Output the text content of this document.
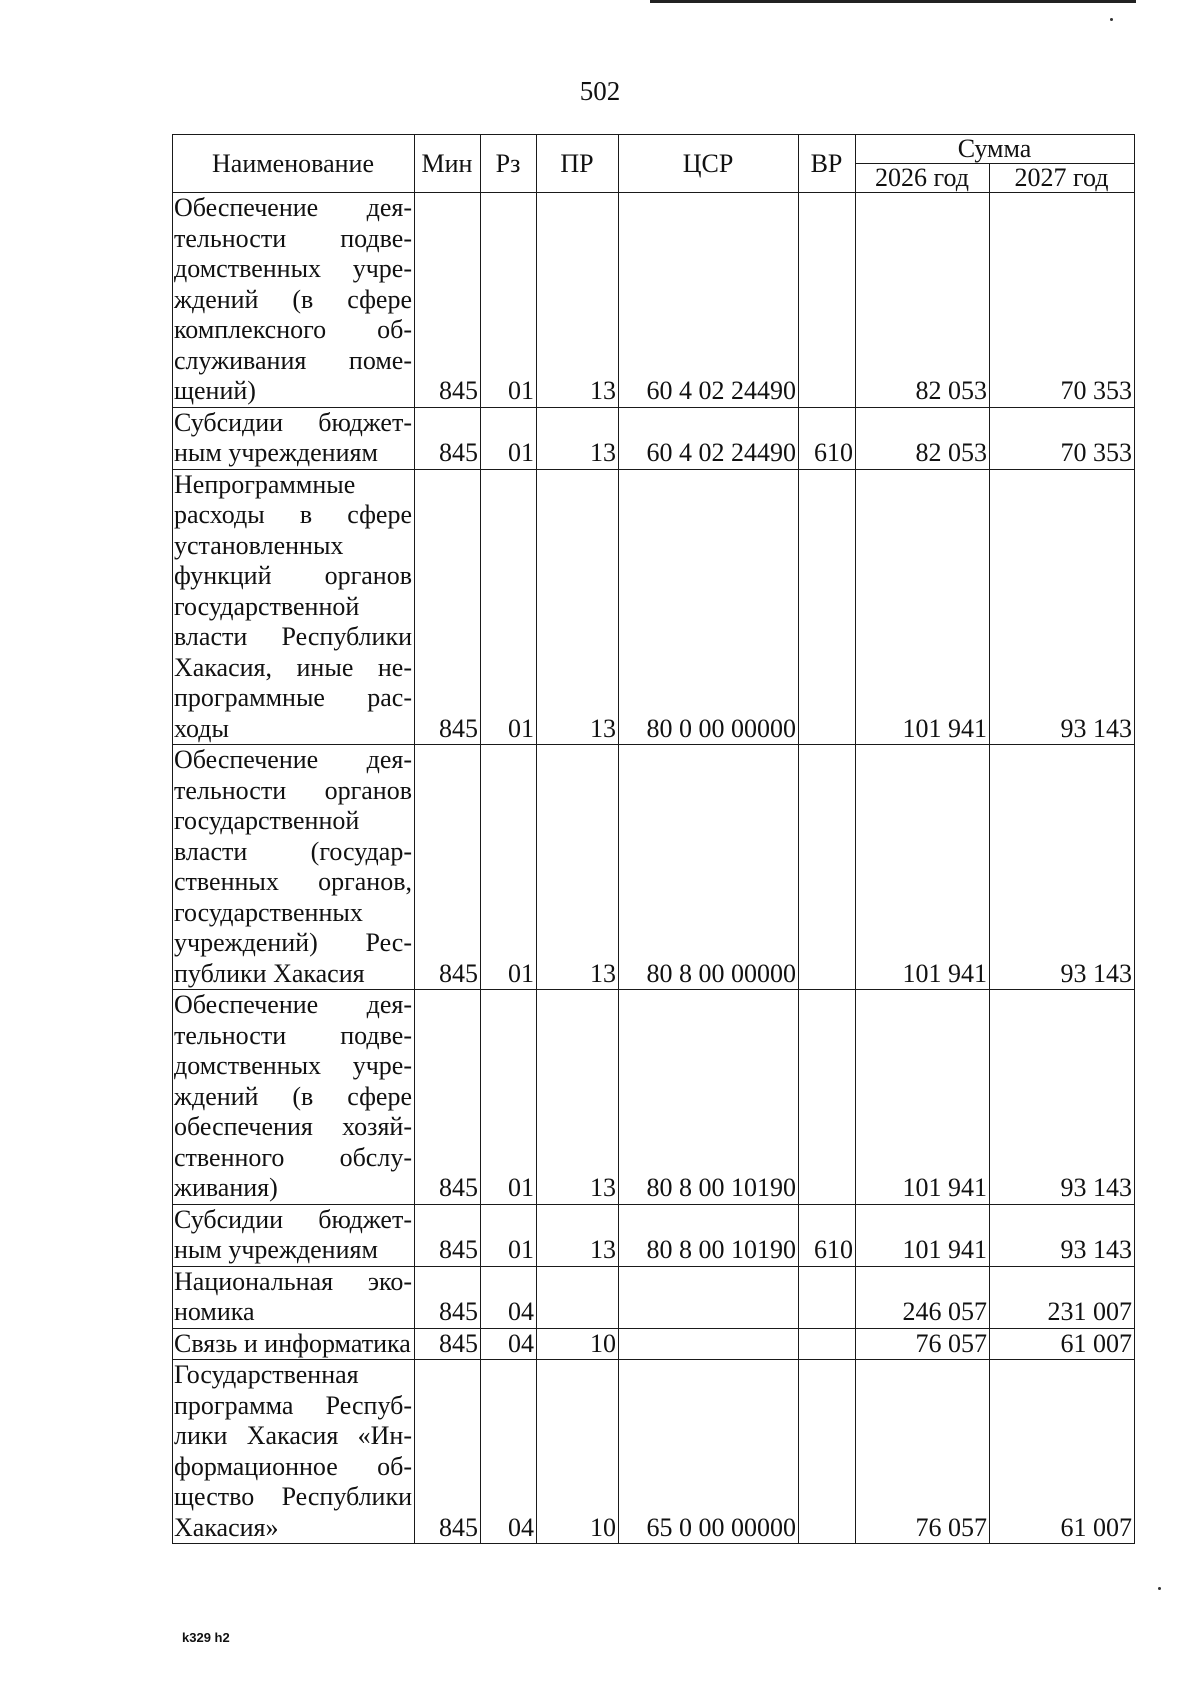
502
Наименование	Мин	Рз	ПР	ЦСР	ВР	Сумма	
						2026 год	2027 год
Обеспечение деятельности подведомственных учреждений (в сфере комплексного обслуживания помещений)	845	01	13	60 4 02 24490		82 053	70 353
Субсидии бюджетным учреждениям	845	01	13	60 4 02 24490	610	82 053	70 353
Непрограммные расходы в сфере установленных функций органов государственной власти Республики Хакасия, иные непрограммные расходы	845	01	13	80 0 00 00000		101 941	93 143
Обеспечение деятельности органов государственной власти (государственных органов, государственных учреждений) Республики Хакасия	845	01	13	80 8 00 00000		101 941	93 143
Обеспечение деятельности подведомственных учреждений (в сфере обеспечения хозяйственного обслуживания)	845	01	13	80 8 00 10190		101 941	93 143
Субсидии бюджетным учреждениям	845	01	13	80 8 00 10190	610	101 941	93 143
Национальная экономика	845	04				246 057	231 007
Связь и информатика	845	04	10			76 057	61 007
Государственная программа Республики Хакасия «Информационное общество Республики Хакасия»	845	04	10	65 0 00 00000		76 057	61 007
k329 h2
